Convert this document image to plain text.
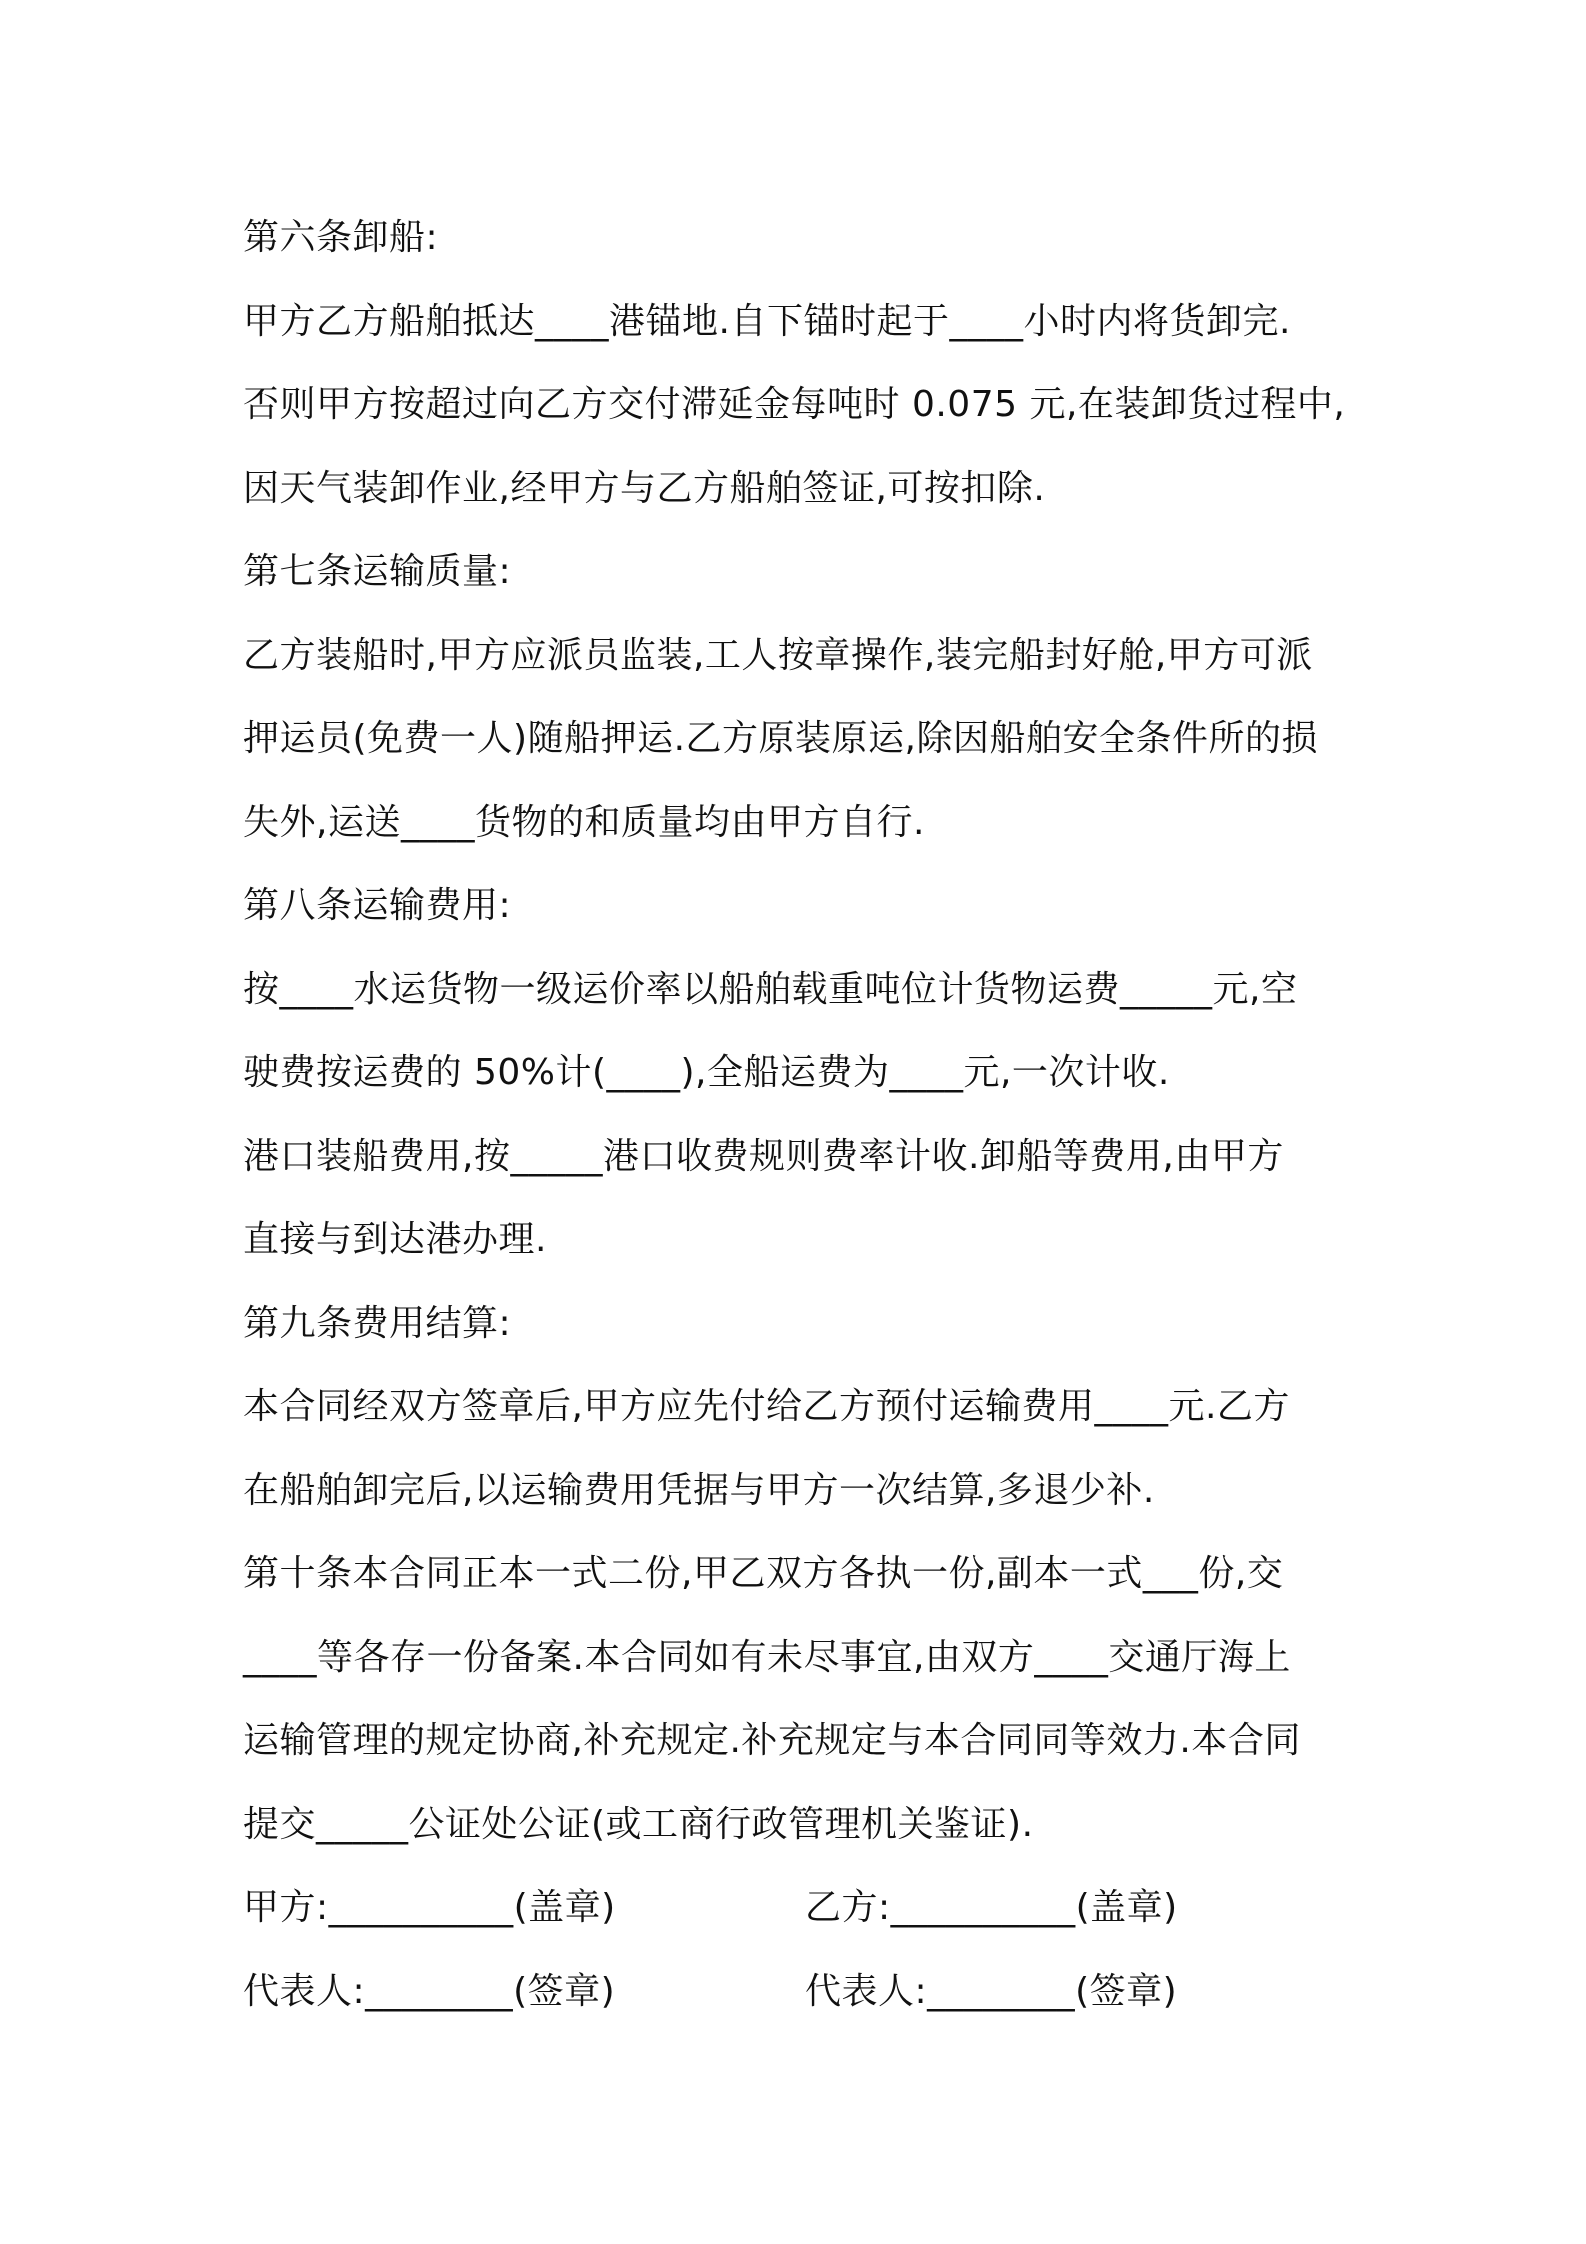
第六条卸船:
甲方乙方船舶抵达____港锚地.自下锚时起于____小时内将货卸完.
否则甲方按超过向乙方交付滞延金每吨时 0.075 元,在装卸货过程中,
因天气装卸作业,经甲方与乙方船舶签证,可按扣除.
第七条运输质量:
乙方装船时,甲方应派员监装,工人按章操作,装完船封好舱,甲方可派
押运员(免费一人)随船押运.乙方原装原运,除因船舶安全条件所的损
失外,运送____货物的和质量均由甲方自行.
第八条运输费用:
按____水运货物一级运价率以船舶载重吨位计货物运费_____元,空
驶费按运费的 50%计(____),全船运费为____元,一次计收.
港口装船费用,按_____港口收费规则费率计收.卸船等费用,由甲方
直接与到达港办理.
第九条费用结算:
本合同经双方签章后,甲方应先付给乙方预付运输费用____元.乙方
在船舶卸完后,以运输费用凭据与甲方一次结算,多退少补.
第十条本合同正本一式二份,甲乙双方各执一份,副本一式___份,交
____等各存一份备案.本合同如有未尽事宜,由双方____交通厅海上
运输管理的规定协商,补充规定.补充规定与本合同同等效力.本合同
提交_____公证处公证(或工商行政管理机关鉴证).
甲方:__________(盖章)	乙方:__________(盖章)
代表人:________(签章)	代表人:________(签章)
